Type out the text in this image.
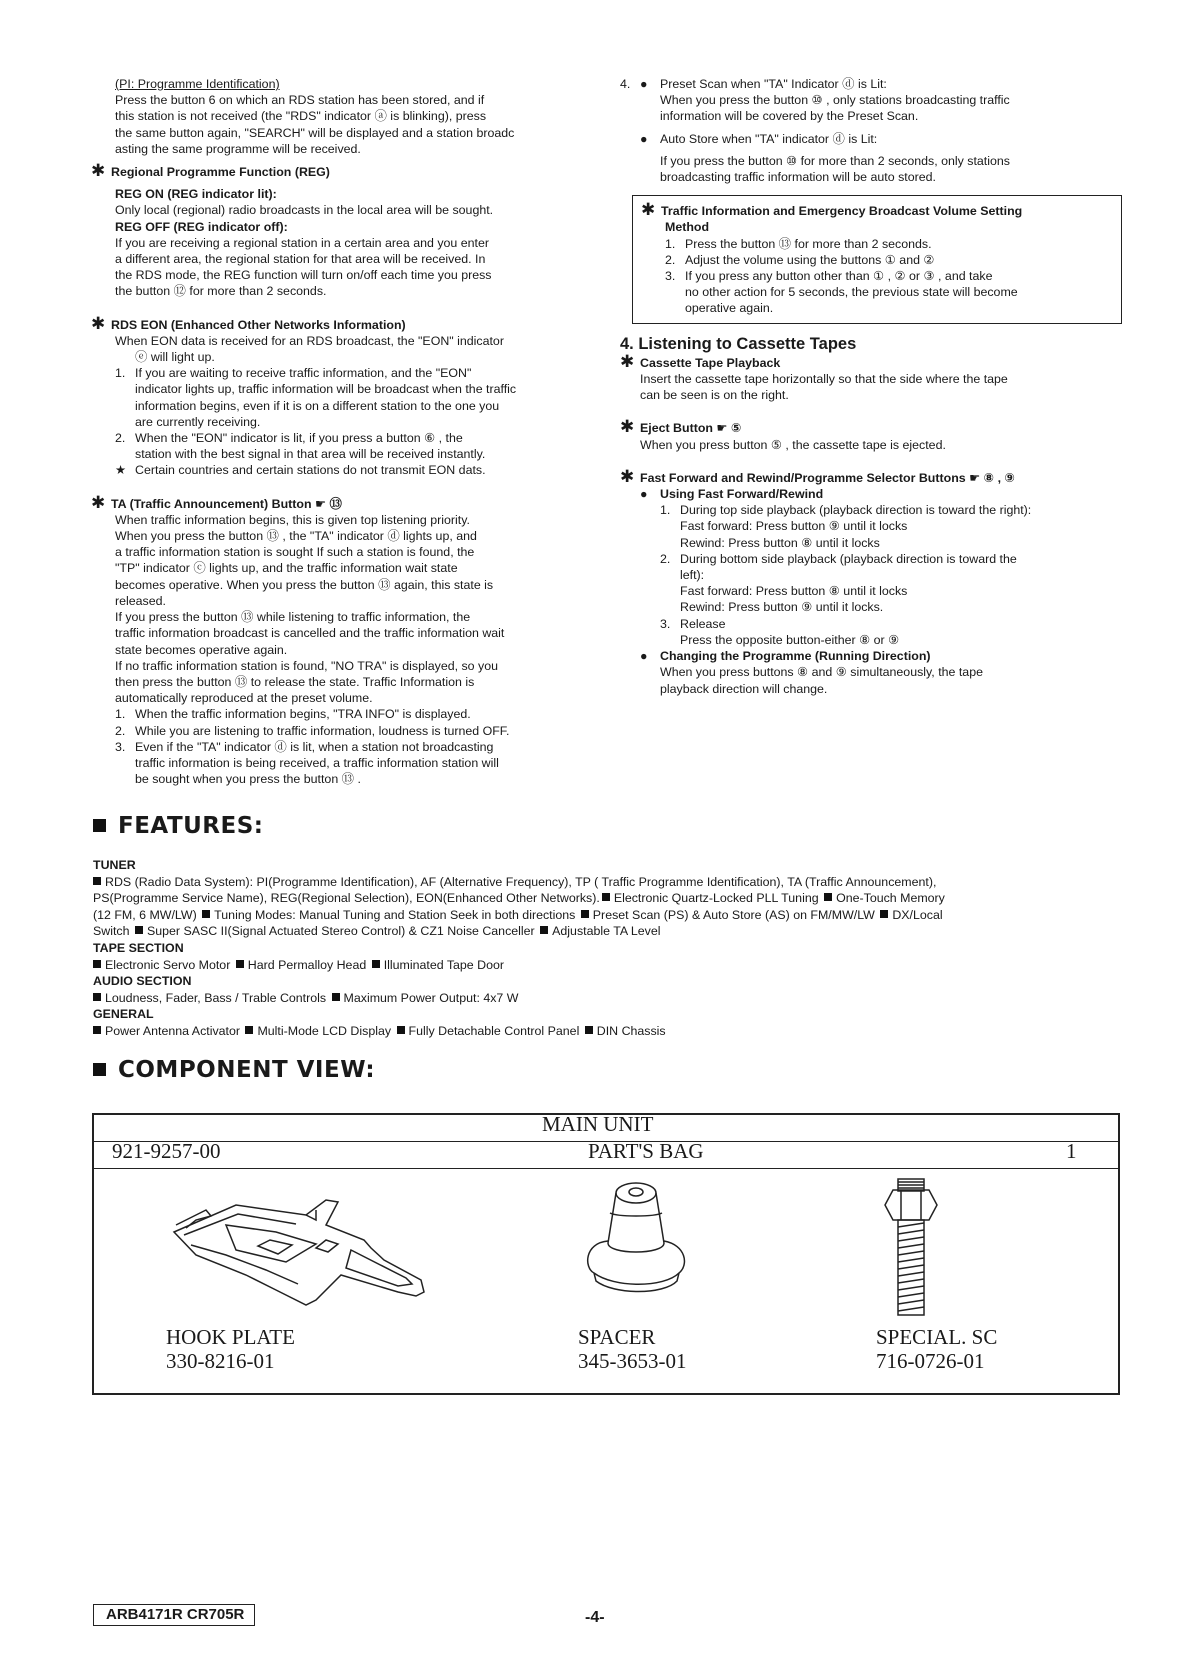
(PI: Programme Identification)

Press the button 6 on which an RDS station has been stored, and if

this station is not received (the "RDS" indicator ⓐ is blinking), press

the same button again, "SEARCH" will be displayed and a station broadc

asting the same programme will be received.

✱ Regional Programme Function (REG)

REG ON (REG indicator lit):

Only local (regional) radio broadcasts in the local area will be sought.

REG OFF (REG indicator off):

If you are receiving a regional station in a certain area and you enter

a different area, the regional station for that area will be received. In

the RDS mode, the REG function will turn on/off each time you press

the button ⑫ for more than 2 seconds.

✱ RDS EON (Enhanced Other Networks Information)

When EON data is received for an RDS broadcast, the "EON" indicator

ⓔ will light up.

1. If you are waiting to receive traffic information, and the "EON"

indicator lights up, traffic information will be broadcast when the traffic

information begins, even if it is on a different station to the one you

are currently receiving.

2. When the "EON" indicator is lit, if you press a button ⑥ , the

station with the best signal in that area will be received instantly.

★ Certain countries and certain stations do not transmit EON dats.

✱ TA (Traffic Announcement) Button ☛ ⑬

When traffic information begins, this is given top listening priority.

When you press the button ⑬ , the "TA" indicator ⓓ lights up, and

a traffic information station is sought If such a station is found, the

"TP" indicator ⓒ lights up, and the traffic information wait state

becomes operative. When you press the button ⑬ again, this state is

released.

If you press the button ⑬ while listening to traffic information, the

traffic information broadcast is cancelled and the traffic information wait

state becomes operative again.

If no traffic information station is found, "NO TRA" is displayed, so you

then press the button ⑬ to release the state. Traffic Information is

automatically reproduced at the preset volume.

1. When the traffic information begins, "TRA INFO" is displayed.

2. While you are listening to traffic information, loudness is turned OFF.

3. Even if the "TA" indicator ⓓ is lit, when a station not broadcasting

traffic information is being received, a traffic information station will

be sought when you press the button ⑬ .

4. ● Preset Scan when "TA" Indicator ⓓ is Lit:

When you press the button ⑩ , only stations broadcasting traffic

information will be covered by the Preset Scan.

● Auto Store when "TA" indicator ⓓ is Lit:

If you press the button ⑩ for more than 2 seconds, only stations

broadcasting traffic information will be auto stored.

✱ Traffic Information and Emergency Broadcast Volume Setting

Method

1. Press the button ⑬ for more than 2 seconds.

2. Adjust the volume using the buttons ① and ②

3. If you press any button other than ① , ② or ③ , and take

no other action for 5 seconds, the previous state will become

operative again.

4. Listening to Cassette Tapes

✱ Cassette Tape Playback

Insert the cassette tape horizontally so that the side where the tape

can be seen is on the right.

✱ Eject Button ☛ ⑤

When you press button ⑤ , the cassette tape is ejected.

✱ Fast Forward and Rewind/Programme Selector Buttons ☛ ⑧ , ⑨

● Using Fast Forward/Rewind

1. During top side playback (playback direction is toward the right):

Fast forward: Press button ⑨ until it locks

Rewind: Press button ⑧ until it locks

2. During bottom side playback (playback direction is toward the

left):

Fast forward: Press button ⑧ until it locks

Rewind: Press button ⑨ until it locks.

3. Release

Press the opposite button-either ⑧ or ⑨

● Changing the Programme (Running Direction)

When you press buttons ⑧ and ⑨ simultaneously, the tape

playback direction will change.

FEATURES:

TUNER

RDS (Radio Data System): PI(Programme Identification), AF (Alternative Frequency), TP ( Traffic Programme Identification), TA (Traffic Announcement),
PS(Programme Service Name), REG(Regional Selection), EON(Enhanced Other Networks). Electronic Quartz-Locked PLL Tuning One-Touch Memory
(12 FM, 6 MW/LW) Tuning Modes: Manual Tuning and Station Seek in both directions Preset Scan (PS) & Auto Store (AS) on FM/MW/LW DX/Local
Switch Super SASC II(Signal Actuated Stereo Control) & CZ1 Noise Canceller Adjustable TA Level

TAPE SECTION

Electronic Servo Motor Hard Permalloy Head Illuminated Tape Door

AUDIO SECTION

Loudness, Fader, Bass / Trable Controls Maximum Power Output: 4x7 W

GENERAL

Power Antenna Activator Multi-Mode LCD Display Fully Detachable Control Panel DIN Chassis

COMPONENT VIEW:
MAIN UNIT
921-9257-00	PART'S BAG	1
HOOK PLATE
330-8216-01
SPACER
345-3653-01
SPECIAL. SC
716-0726-01
ARB4171R CR705R	-4-
